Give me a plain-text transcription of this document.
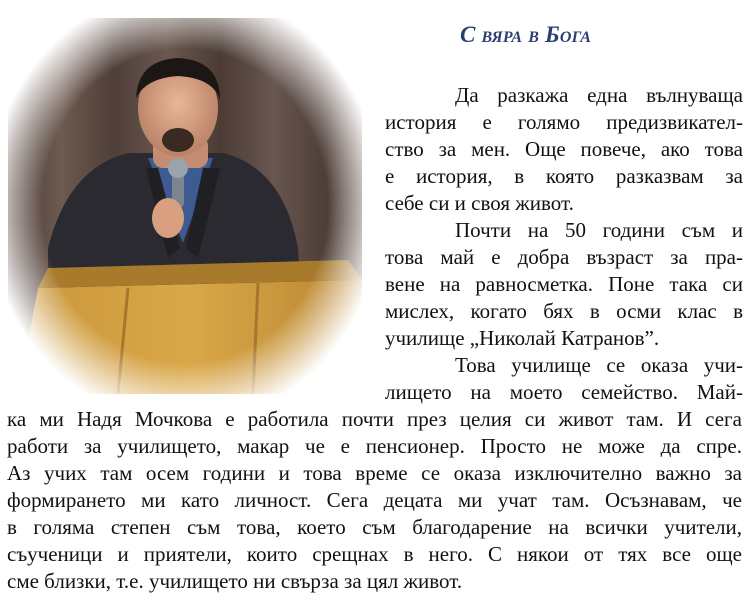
С вяра в Бога
Да разкажа една вълнуваща
история е голямо предизвикател-
ство за мен. Още повече, ако това
е история, в която разказвам за
себе си и своя живот.
Почти на 50 години съм и
това май е добра възраст за пра-
вене на равносметка. Поне така си
мислех, когато бях в осми клас в
училище „Николай Катранов”.
Това училище се оказа учи-
лището на моето семейство. Май-
ка ми Надя Мочкова е работила почти през целия си живот там. И сега
работи за училището, макар че е пенсионер. Просто не може да спре.
Аз учих там осем години и това време се оказа изключително важно за
формирането ми като личност. Сега децата ми учат там. Осъзнавам, че
в голяма степен съм това, което съм благодарение на всички учители,
съученици и приятели, които срещнах в него. С някои от тях все още
сме близки, т.е. училището ни свърза за цял живот.
